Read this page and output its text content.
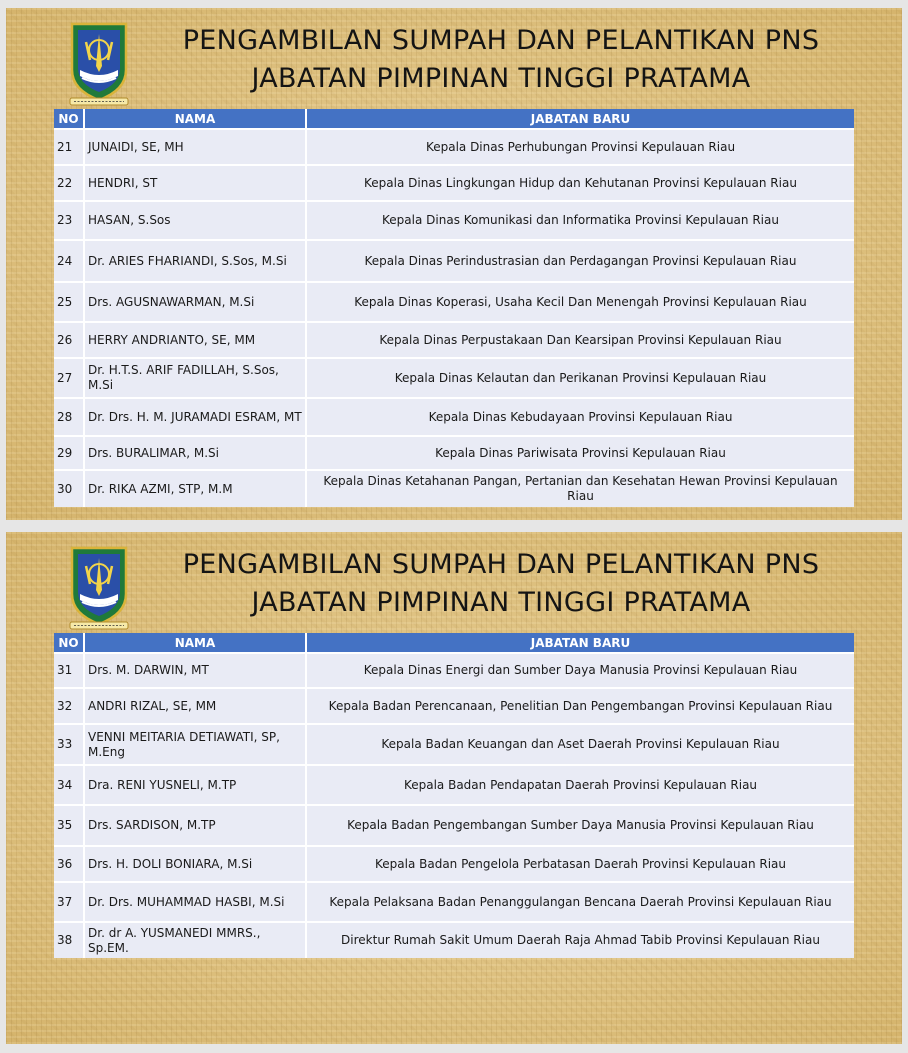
PENGAMBILAN SUMPAH DAN PELANTIKAN PNS
JABATAN PIMPINAN TINGGI PRATAMA
NO	NAMA	JABATAN BARU
21	JUNAIDI, SE, MH	Kepala Dinas Perhubungan Provinsi Kepulauan Riau
22	HENDRI, ST	Kepala Dinas Lingkungan Hidup dan Kehutanan Provinsi Kepulauan Riau
23	HASAN, S.Sos	Kepala Dinas Komunikasi dan Informatika Provinsi Kepulauan Riau
24	Dr. ARIES FHARIANDI, S.Sos, M.Si	Kepala Dinas Perindustrasian dan Perdagangan Provinsi Kepulauan Riau
25	Drs. AGUSNAWARMAN, M.Si	Kepala Dinas Koperasi, Usaha Kecil Dan Menengah Provinsi Kepulauan Riau
26	HERRY ANDRIANTO, SE, MM	Kepala Dinas Perpustakaan Dan Kearsipan Provinsi Kepulauan Riau
27	Dr. H.T.S. ARIF FADILLAH, S.Sos, M.Si	Kepala Dinas Kelautan dan Perikanan Provinsi Kepulauan Riau
28	Dr. Drs. H. M. JURAMADI ESRAM, MT	Kepala Dinas Kebudayaan Provinsi Kepulauan Riau
29	Drs. BURALIMAR, M.Si	Kepala Dinas Pariwisata Provinsi Kepulauan Riau
30	Dr. RIKA AZMI, STP, M.M	Kepala Dinas Ketahanan Pangan, Pertanian dan Kesehatan Hewan Provinsi Kepulauan Riau
PENGAMBILAN SUMPAH DAN PELANTIKAN PNS
JABATAN PIMPINAN TINGGI PRATAMA
NO	NAMA	JABATAN BARU
31	Drs. M. DARWIN, MT	Kepala Dinas Energi dan Sumber Daya Manusia Provinsi Kepulauan Riau
32	ANDRI RIZAL, SE, MM	Kepala Badan Perencanaan, Penelitian Dan Pengembangan Provinsi Kepulauan Riau
33	VENNI MEITARIA DETIAWATI, SP, M.Eng	Kepala Badan Keuangan dan Aset Daerah Provinsi Kepulauan Riau
34	Dra. RENI YUSNELI, M.TP	Kepala Badan Pendapatan Daerah Provinsi Kepulauan Riau
35	Drs. SARDISON, M.TP	Kepala Badan Pengembangan Sumber Daya Manusia Provinsi Kepulauan Riau
36	Drs. H. DOLI BONIARA, M.Si	Kepala Badan Pengelola Perbatasan Daerah Provinsi Kepulauan Riau
37	Dr. Drs. MUHAMMAD HASBI, M.Si	Kepala Pelaksana Badan Penanggulangan Bencana Daerah Provinsi Kepulauan Riau
38	Dr. dr A. YUSMANEDI MMRS., Sp.EM.	Direktur Rumah Sakit Umum Daerah Raja Ahmad Tabib Provinsi Kepulauan Riau
